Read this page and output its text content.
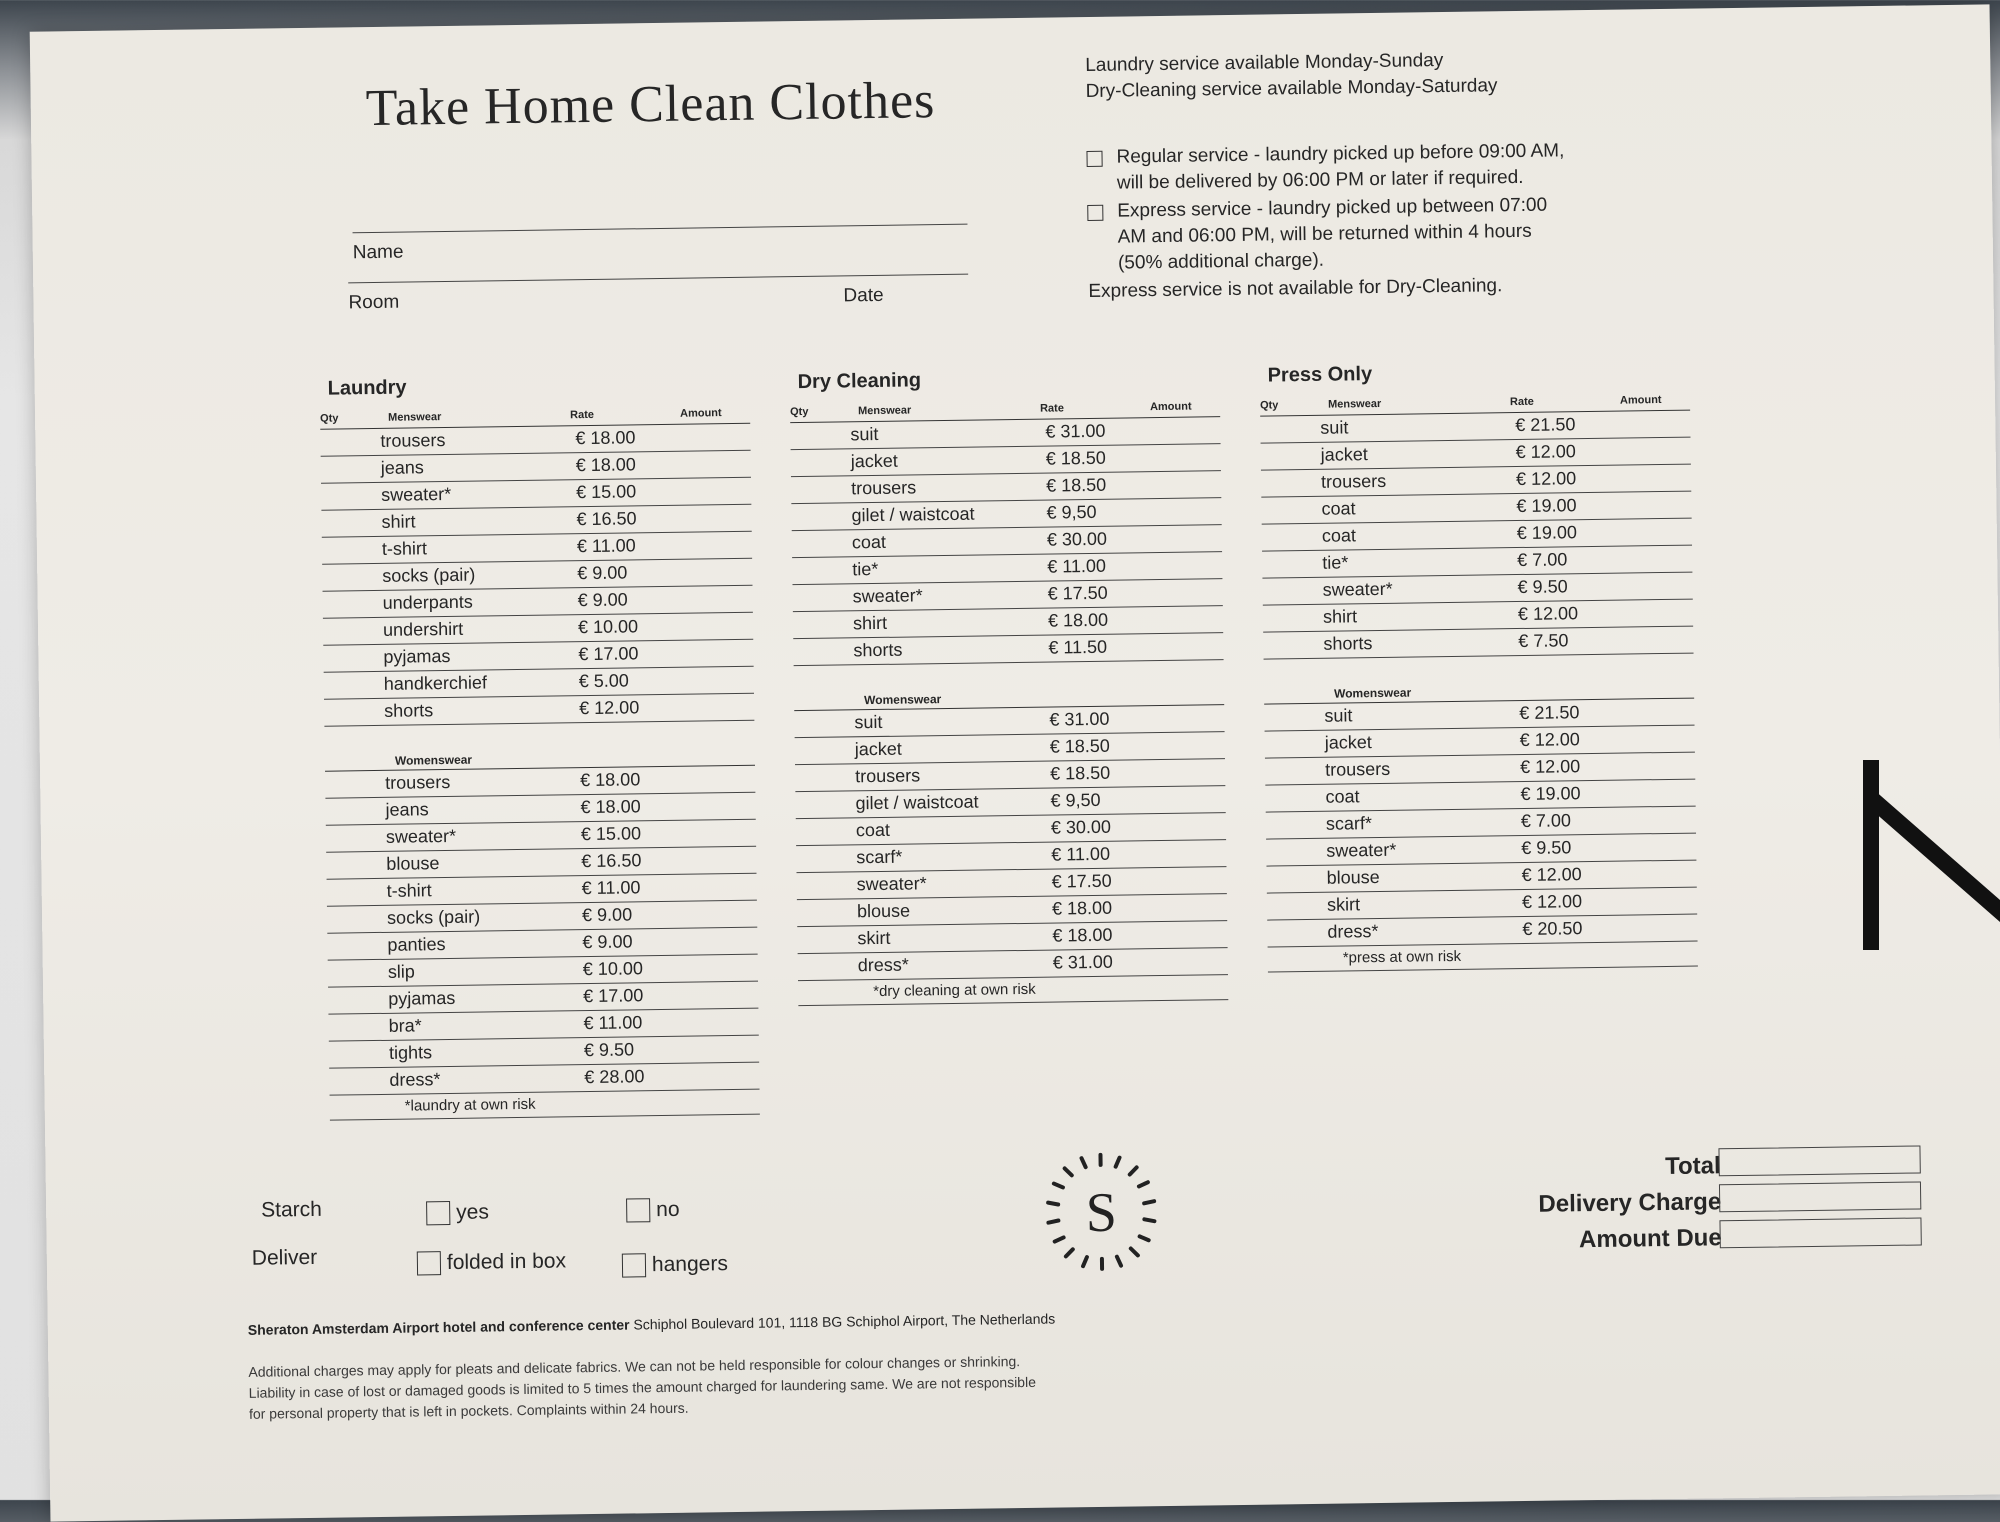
Take Home Clean Clothes
Laundry service available Monday-Sunday
Dry-Cleaning service available Monday-Saturday
Regular service - laundry picked up before 09:00 AM,
will be delivered by 06:00 PM or later if required.
Express service - laundry picked up between 07:00
AM and 06:00 PM, will be returned within 4 hours
(50% additional charge).
Express service is not available for Dry-Cleaning.
Name
Room	Date
Laundry
Qty	Menswear	Rate	Amount
trousers	€ 18.00
jeans	€ 18.00
sweater*	€ 15.00
shirt	€ 16.50
t-shirt	€ 11.00
socks (pair)	€ 9.00
underpants	€ 9.00
undershirt	€ 10.00
pyjamas	€ 17.00
handkerchief	€ 5.00
shorts	€ 12.00
Womenswear
trousers	€ 18.00
jeans	€ 18.00
sweater*	€ 15.00
blouse	€ 16.50
t-shirt	€ 11.00
socks (pair)	€ 9.00
panties	€ 9.00
slip	€ 10.00
pyjamas	€ 17.00
bra*	€ 11.00
tights	€ 9.50
dress*	€ 28.00
*laundry at own risk
Dry Cleaning
Qty	Menswear	Rate	Amount
suit	€ 31.00
jacket	€ 18.50
trousers	€ 18.50
gilet / waistcoat	€ 9,50
coat	€ 30.00
tie*	€ 11.00
sweater*	€ 17.50
shirt	€ 18.00
shorts	€ 11.50
Womenswear
suit	€ 31.00
jacket	€ 18.50
trousers	€ 18.50
gilet / waistcoat	€ 9,50
coat	€ 30.00
scarf*	€ 11.00
sweater*	€ 17.50
blouse	€ 18.00
skirt	€ 18.00
dress*	€ 31.00
*dry cleaning at own risk
Press Only
Qty	Menswear	Rate	Amount
suit	€ 21.50
jacket	€ 12.00
trousers	€ 12.00
coat	€ 19.00
coat	€ 19.00
tie*	€ 7.00
sweater*	€ 9.50
shirt	€ 12.00
shorts	€ 7.50
Womenswear
suit	€ 21.50
jacket	€ 12.00
trousers	€ 12.00
coat	€ 19.00
scarf*	€ 7.00
sweater*	€ 9.50
blouse	€ 12.00
skirt	€ 12.00
dress*	€ 20.50
*press at own risk
Starch
Deliver
yes	no
folded in box	hangers
S
Total
Delivery Charge
Amount Due
Sheraton Amsterdam Airport hotel and conference center Schiphol Boulevard 101, 1118 BG Schiphol Airport, The Netherlands
Additional charges may apply for pleats and delicate fabrics. We can not be held responsible for colour changes or shrinking.
Liability in case of lost or damaged goods is limited to 5 times the amount charged for laundering same. We are not responsible
for personal property that is left in pockets. Complaints within 24 hours.
